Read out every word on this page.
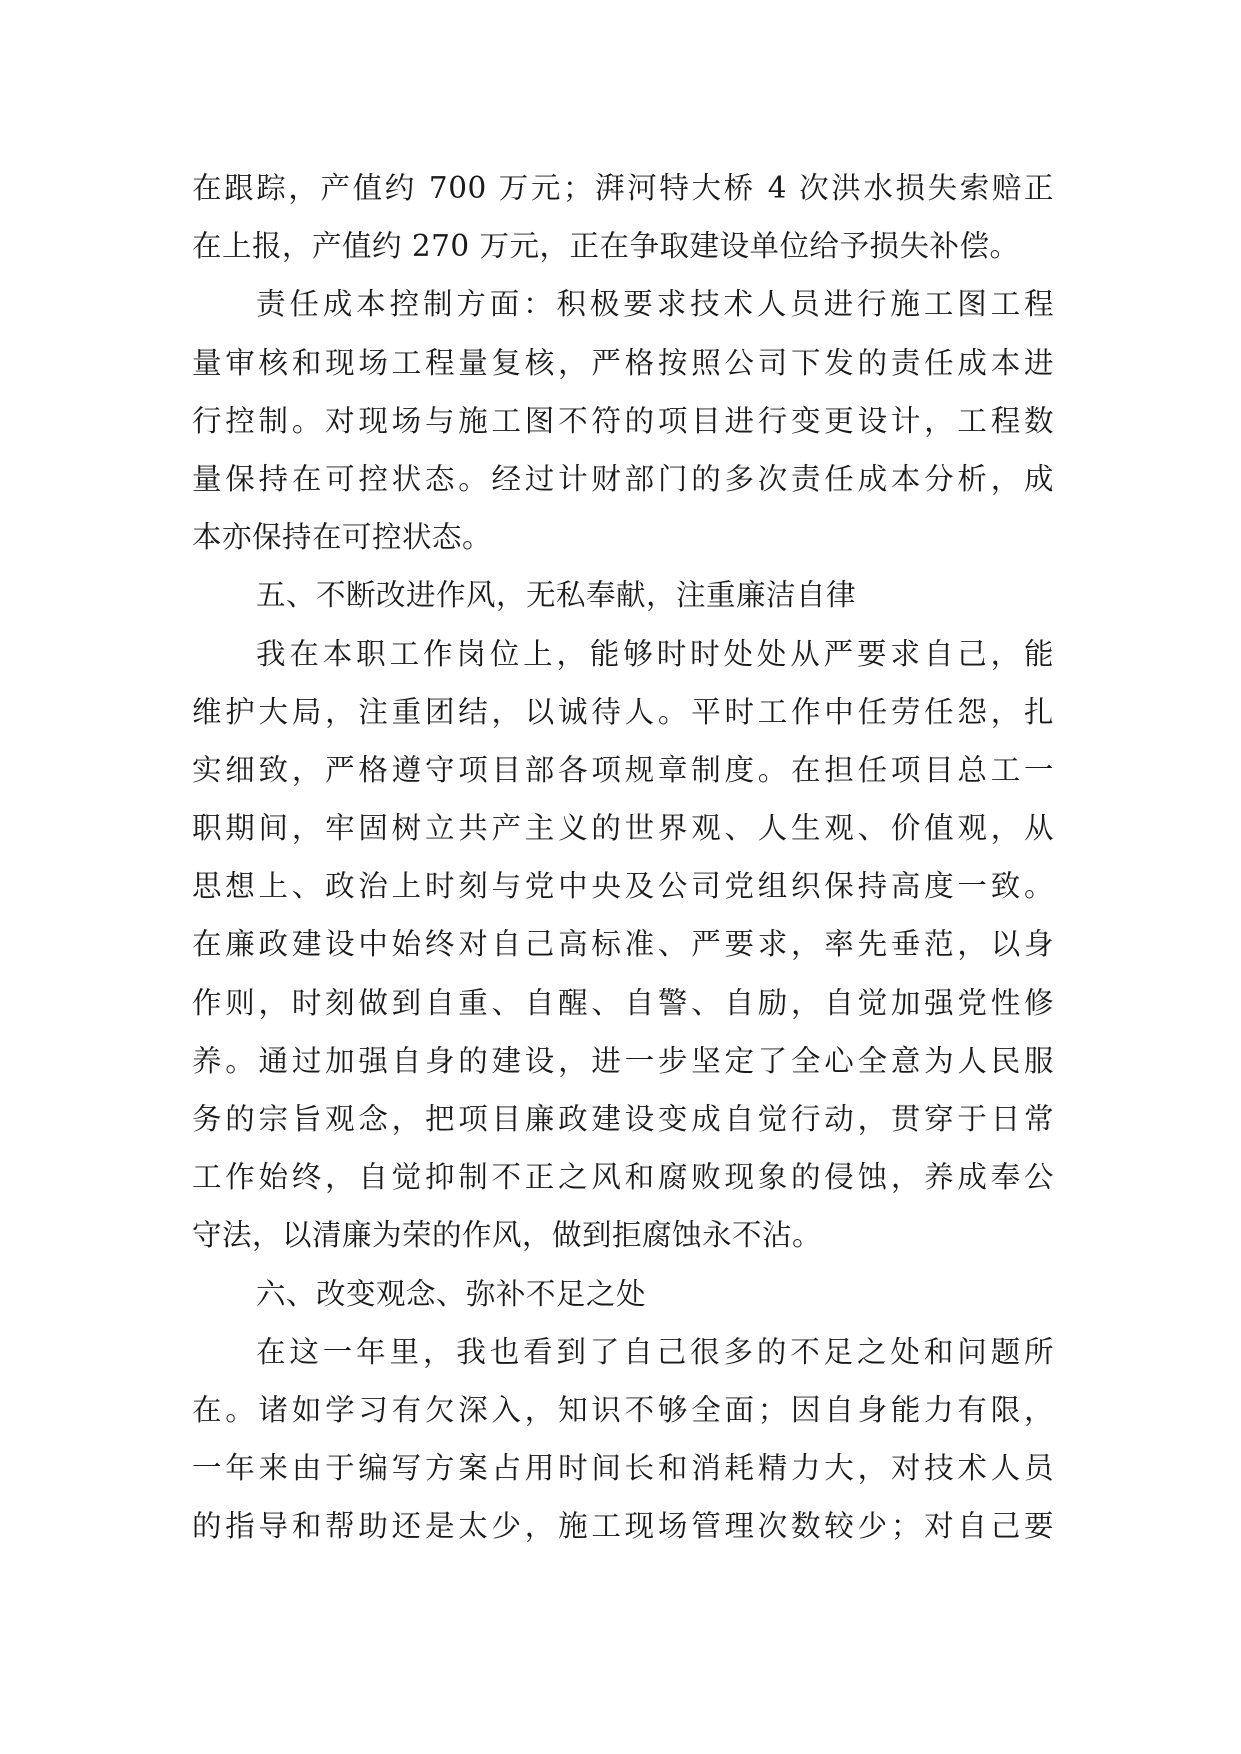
在跟踪，产值约 700 万元；湃河特大桥 4 次洪水损失索赔正
在上报，产值约 270 万元，正在争取建设单位给予损失补偿。
责任成本控制方面：积极要求技术人员进行施工图工程
量审核和现场工程量复核，严格按照公司下发的责任成本进
行控制。对现场与施工图不符的项目进行变更设计，工程数
量保持在可控状态。经过计财部门的多次责任成本分析，成
本亦保持在可控状态。
五、不断改进作风，无私奉献，注重廉洁自律
我在本职工作岗位上，能够时时处处从严要求自己，能
维护大局，注重团结，以诚待人。平时工作中任劳任怨，扎
实细致，严格遵守项目部各项规章制度。在担任项目总工一
职期间，牢固树立共产主义的世界观、人生观、价值观，从
思想上、政治上时刻与党中央及公司党组织保持高度一致。
在廉政建设中始终对自己高标准、严要求，率先垂范，以身
作则，时刻做到自重、自醒、自警、自励，自觉加强党性修
养。通过加强自身的建设，进一步坚定了全心全意为人民服
务的宗旨观念，把项目廉政建设变成自觉行动，贯穿于日常
工作始终，自觉抑制不正之风和腐败现象的侵蚀，养成奉公
守法，以清廉为荣的作风，做到拒腐蚀永不沾。
六、改变观念、弥补不足之处
在这一年里，我也看到了自己很多的不足之处和问题所
在。诸如学习有欠深入，知识不够全面；因自身能力有限，
一年来由于编写方案占用时间长和消耗精力大，对技术人员
的指导和帮助还是太少，施工现场管理次数较少；对自己要
